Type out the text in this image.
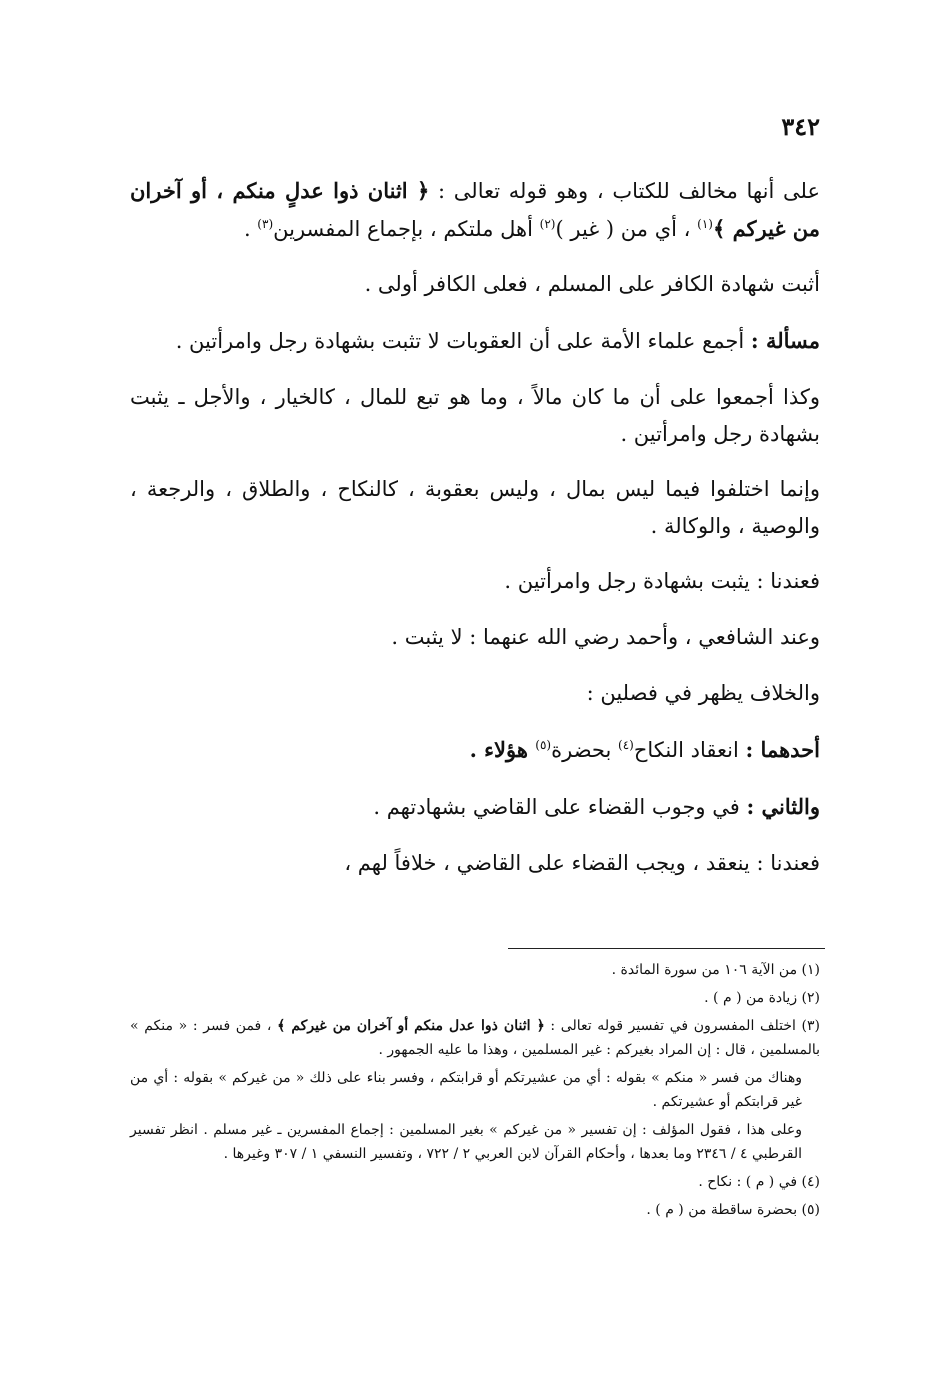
٣٤٢

على أنها مخالف للكتاب ، وهو قوله تعالى : ﴿ اثنان ذوا عدلٍ منكم ، أو آخران من غيركم ﴾$^{(١)}$ ، أي من ( غير )$^{(٢)}$ أهل ملتكم ، بإجماع المفسرين$^{(٣)}$ .

أثبت شهادة الكافر على المسلم ، فعلى الكافر أولى .

مسألة : أجمع علماء الأمة على أن العقوبات لا تثبت بشهادة رجل وامرأتين .

وكذا أجمعوا على أن ما كان مالاً ، وما هو تبع للمال ، كالخيار ، والأجل ـ يثبت بشهادة رجل وامرأتين .

وإنما اختلفوا فيما ليس بمال ، وليس بعقوبة ، كالنكاح ، والطلاق ، والرجعة ، والوصية ، والوكالة .

فعندنا : يثبت بشهادة رجل وامرأتين .

وعند الشافعي ، وأحمد رضي الله عنهما : لا يثبت .

والخلاف يظهر في فصلين :

أحدهما : انعقاد النكاح$^{(٤)}$ بحضرة$^{(٥)}$ هؤلاء .

والثاني : في وجوب القضاء على القاضي بشهادتهم .

فعندنا : ينعقد ، ويجب القضاء على القاضي ، خلافاً لهم ،

(١) من الآية ١٠٦ من سورة المائدة .

(٢) زيادة من ( م ) .

(٣) اختلف المفسرون في تفسير قوله تعالى : ﴿ اثنان ذوا عدل منكم أو آخران من غيركم ﴾ ، فمن فسر : « منكم » بالمسلمين ، قال : إن المراد بغيركم : غير المسلمين ، وهذا ما عليه الجمهور .

وهناك من فسر « منكم » بقوله : أي من عشيرتكم أو قرابتكم ، وفسر بناء على ذلك « من غيركم » بقوله : أي من غير قرابتكم أو عشيرتكم .

وعلى هذا ، فقول المؤلف : إن تفسير « من غيركم » بغير المسلمين : إجماع المفسرين ـ غير مسلم . انظر تفسير القرطبي ٤ / ٢٣٤٦ وما بعدها ، وأحكام القرآن لابن العربي ٢ / ٧٢٢ ، وتفسير النسفي ١ / ٣٠٧ وغيرها .

(٤) في ( م ) : نكاح .

(٥) بحضرة ساقطة من ( م ) .
